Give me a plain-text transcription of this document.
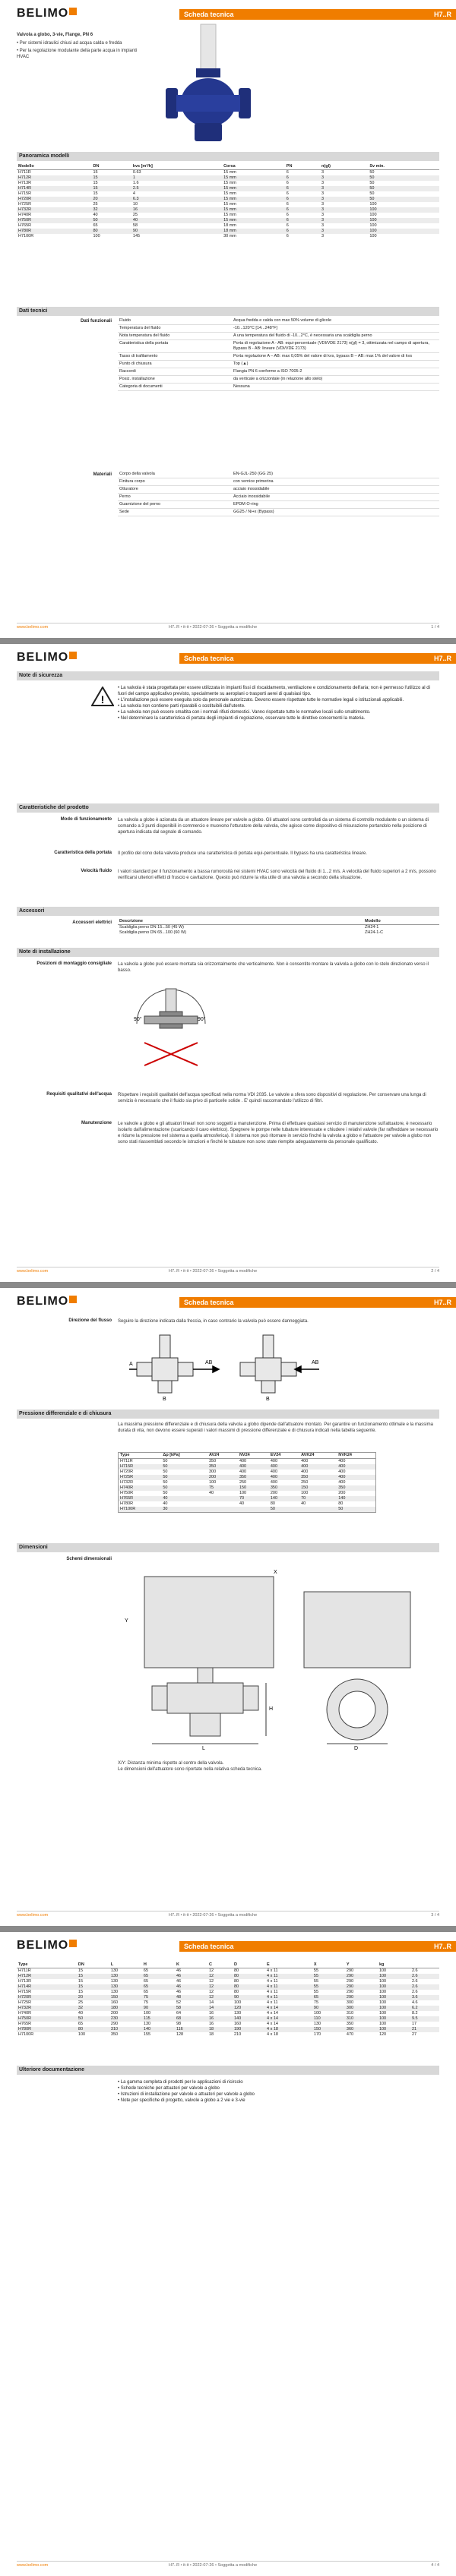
BELIMO	Scheda tecnica	H7..R
Valvola a globo, 3-vie, Flange, PN 6
• Per sistemi idraulici chiusi ad acqua calda e fredda
• Per la regolazione modulante della parte acqua in impianti HVAC
Panoramica modelli
Modello	DN	kvs [m³/h]	Corsa	PN	n(gl)	Sv min.
H711R	15	0.63	15 mm	6	3	50
H712R	15	1	15 mm	6	3	50
H713R	15	1.6	15 mm	6	3	50
H714R	15	2.5	15 mm	6	3	50
H715R	15	4	15 mm	6	3	50
H720R	20	6.3	15 mm	6	3	50
H725R	25	10	15 mm	6	3	100
H732R	32	16	15 mm	6	3	100
H740R	40	25	15 mm	6	3	100
H750R	50	40	15 mm	6	3	100
H765R	65	58	18 mm	6	3	100
H780R	80	90	18 mm	6	3	100
H7100R	100	145	30 mm	6	3	100
Dati tecnici
Dati funzionali Fluido	Acqua fredda e calda con max 50% volume di glicole
Temperatura del fluido	-10...120°C [14...248°F]
Nota temperatura del fluido	A una temperatura del fluido di -10...2°C, è necessaria una scaldiglia perno
Caratteristica della portata	Porta di regolazione A - AB: equi-percentuale (VDI/VDE 2173) n(gl) = 3, ottimizzata nel campo di apertura, Bypass B - AB: lineare (VDI/VDE 2173)
Tasso di trafilamento	Porta regolazione A – AB: max 0,05% del valore di kvs, bypass B – AB: max 1% del valore di kvs
Punto di chiusura	Top (▲)
Raccordi	Flangia PN 6 conforme a ISO 7005-2
Posiz. installazione	da verticale a orizzontale (in relazione allo stelo)
Categoria di documenti	Nessuna
Materiali Corpo della valvola	EN-GJL-250 (GG 25)
Finitura corpo	con vernice primerina
Otturatore	acciaio inossidabile
Perno	Acciaio inossidabile
Guarnizione del perno	EPDM O-ring
Sede	GG25 / Ni+x (Bypass)
www.belimo.com	H7..R • it-it • 2022-07-26 • Soggetta a modifiche	1 / 4
BELIMO	Scheda tecnica	H7..R
Note di sicurezza
!
• La valvola è stata progettata per essere utilizzata in impianti fissi di riscaldamento, ventilazione e condizionamento dell'aria; non è permesso l'utilizzo al di fuori del campo applicativo previsto, specialmente su aeroplani o trasporti aerei di qualsiasi tipo.
• L'installazione può essere eseguita solo da personale autorizzato. Devono essere rispettate tutte le normative legali o istituzionali applicabili.
• La valvola non contiene parti riparabili o sostituibili dall'utente.
• La valvola non può essere smaltita con i normali rifiuti domestici. Vanno rispettate tutte le normative locali sullo smaltimento.
• Nel determinare la caratteristica di portata degli impianti di regolazione, osservare tutte le direttive concernenti la materia.
Caratteristiche del prodotto
Modo di funzionamento La valvola a globo è azionata da un attuatore lineare per valvole a globo. Gli attuatori sono controllati da un sistema di controllo modulante o un sistema di comando a 3 punti disponibili in commercio e muovono l'otturatore della valvola, che agisce come dispositivo di misurazione portandolo nella posizione di apertura indicata dal segnale di comando.
Caratteristica della portata Il profilo del cono della valvola produce una caratteristica di portata equi-percentuale. Il bypass ha una caratteristica lineare.
Velocità fluido I valori standard per il funzionamento a bassa rumorosità nei sistemi HVAC sono velocità del fluido di 1...2 m/s. A velocità del fluido superiori a 2 m/s, possono verificarsi ulteriori effetti di fruscio e cavitazione. Questo può ridurre la vita utile di una valvola a secondo della situazione.
Accessori
Accessori elettrici Descrizione	Modello
Scaldiglia perno DN 15...50 (45 W)	ZH24-1
Scaldiglia perno DN 65...100 (60 W)	ZH24-1-C
Note di installazione
Posizioni di montaggio consigliate La valvola a globo può essere montata sia orizzontalmente che verticalmente. Non è consentito montare la valvola a globo con lo stelo direzionato verso il basso.
90°	90°
Requisiti qualitativi dell'acqua Rispettare i requisiti qualitativi dell'acqua specificati nella norma VDI 2035. Le valvole a sfera sono dispositivi di regolazione. Per conservare una lunga di servizio è necessario che il fluido sia privo di particelle solide . E' quindi raccomandato l'utilizzo di filtri.
Manutenzione Le valvole a globo e gli attuatori lineari non sono soggetti a manutenzione. Prima di effettuare qualsiasi servizio di manutenzione sull'attuatore, è necessario isolarlo dall'alimentazione (scaricando il cavo elettrico). Spegnere le pompe nelle tubature interessate e chiudere i relativi valvole (far raffreddare se necessario e ridurre la pressione nel sistema a quella atmosferica). Il sistema non può ritornare in servizio finché la valvola a globo e l'attuatore per valvole a globo non sono stati riassemblati secondo le istruzioni e finché le tubature non sono state riempite adeguatamente da personale qualificato.
www.belimo.com	H7..R • it-it • 2022-07-26 • Soggetta a modifiche	2 / 4
BELIMO	Scheda tecnica	H7..R
Direzione del flusso Seguire la direzione indicata dalla freccia, in caso contrario la valvola può essere danneggiata.
A	AB
B
AB
B
Pressione differenziale e di chiusura
La massima pressione differenziale e di chiusura della valvola a globo dipende dall'attuatore montato. Per garantire un funzionamento ottimale e la massima durata di vita, non devono essere superati i valori massimi di pressione differenziale e di chiusura indicati nella tabella seguente.
Type	Δp [kPa]	AV24	NV24	EV24	AVK24	NVK24
H711R	50	350	400	400	400	400
H715R	50	350	400	400	400	400
H720R	50	300	400	400	400	400
H725R	50	200	350	400	350	400
H732R	50	100	250	400	250	400
H740R	50	75	150	350	150	350
H750R	50	40	100	200	100	200
H765R	40		70	140	70	140
H780R	40		40	80	40	80
H7100R	30			50		50
Dimensioni
Schemi dimensionali
L
H
X
Y
D
X/Y: Distanza minima rispetto al centro della valvola.
Le dimensioni dell'attuatore sono riportate nella relativa scheda tecnica.
www.belimo.com	H7..R • it-it • 2022-07-26 • Soggetta a modifiche	3 / 4
BELIMO	Scheda tecnica	H7..R
Type	DN	L	H	K	C	D	E	X	Y	kg	
H711R	15	130	65	46	12	80	4 x 11	55	290	100	2.6
H712R	15	130	65	46	12	80	4 x 11	55	290	100	2.6
H713R	15	130	65	46	12	80	4 x 11	55	290	100	2.6
H714R	15	130	65	46	12	80	4 x 11	55	290	100	2.6
H715R	15	130	65	46	12	80	4 x 11	55	290	100	2.6
H720R	20	150	75	48	12	90	4 x 11	65	290	100	3.6
H725R	25	160	75	52	14	100	4 x 11	75	300	100	4.6
H732R	32	180	90	58	14	120	4 x 14	90	300	100	6.2
H740R	40	200	100	64	16	130	4 x 14	100	310	100	8.2
H750R	50	230	115	68	16	140	4 x 14	110	310	100	9.5
H765R	65	290	130	98	16	160	4 x 14	130	350	100	17
H780R	80	310	140	116	18	190	4 x 18	150	360	100	21
H7100R	100	350	155	128	18	210	4 x 18	170	470	120	27
Ulteriore documentazione
• La gamma completa di prodotti per le applicazioni di ricircolo
• Schede tecniche per attuatori per valvole a globo
• Istruzioni di installazione per valvole e attuatori per valvole a globo
• Note per specifiche di progetto, valvole a globo a 2 vie e 3-vie
www.belimo.com	H7..R • it-it • 2022-07-26 • Soggetta a modifiche	4 / 4
